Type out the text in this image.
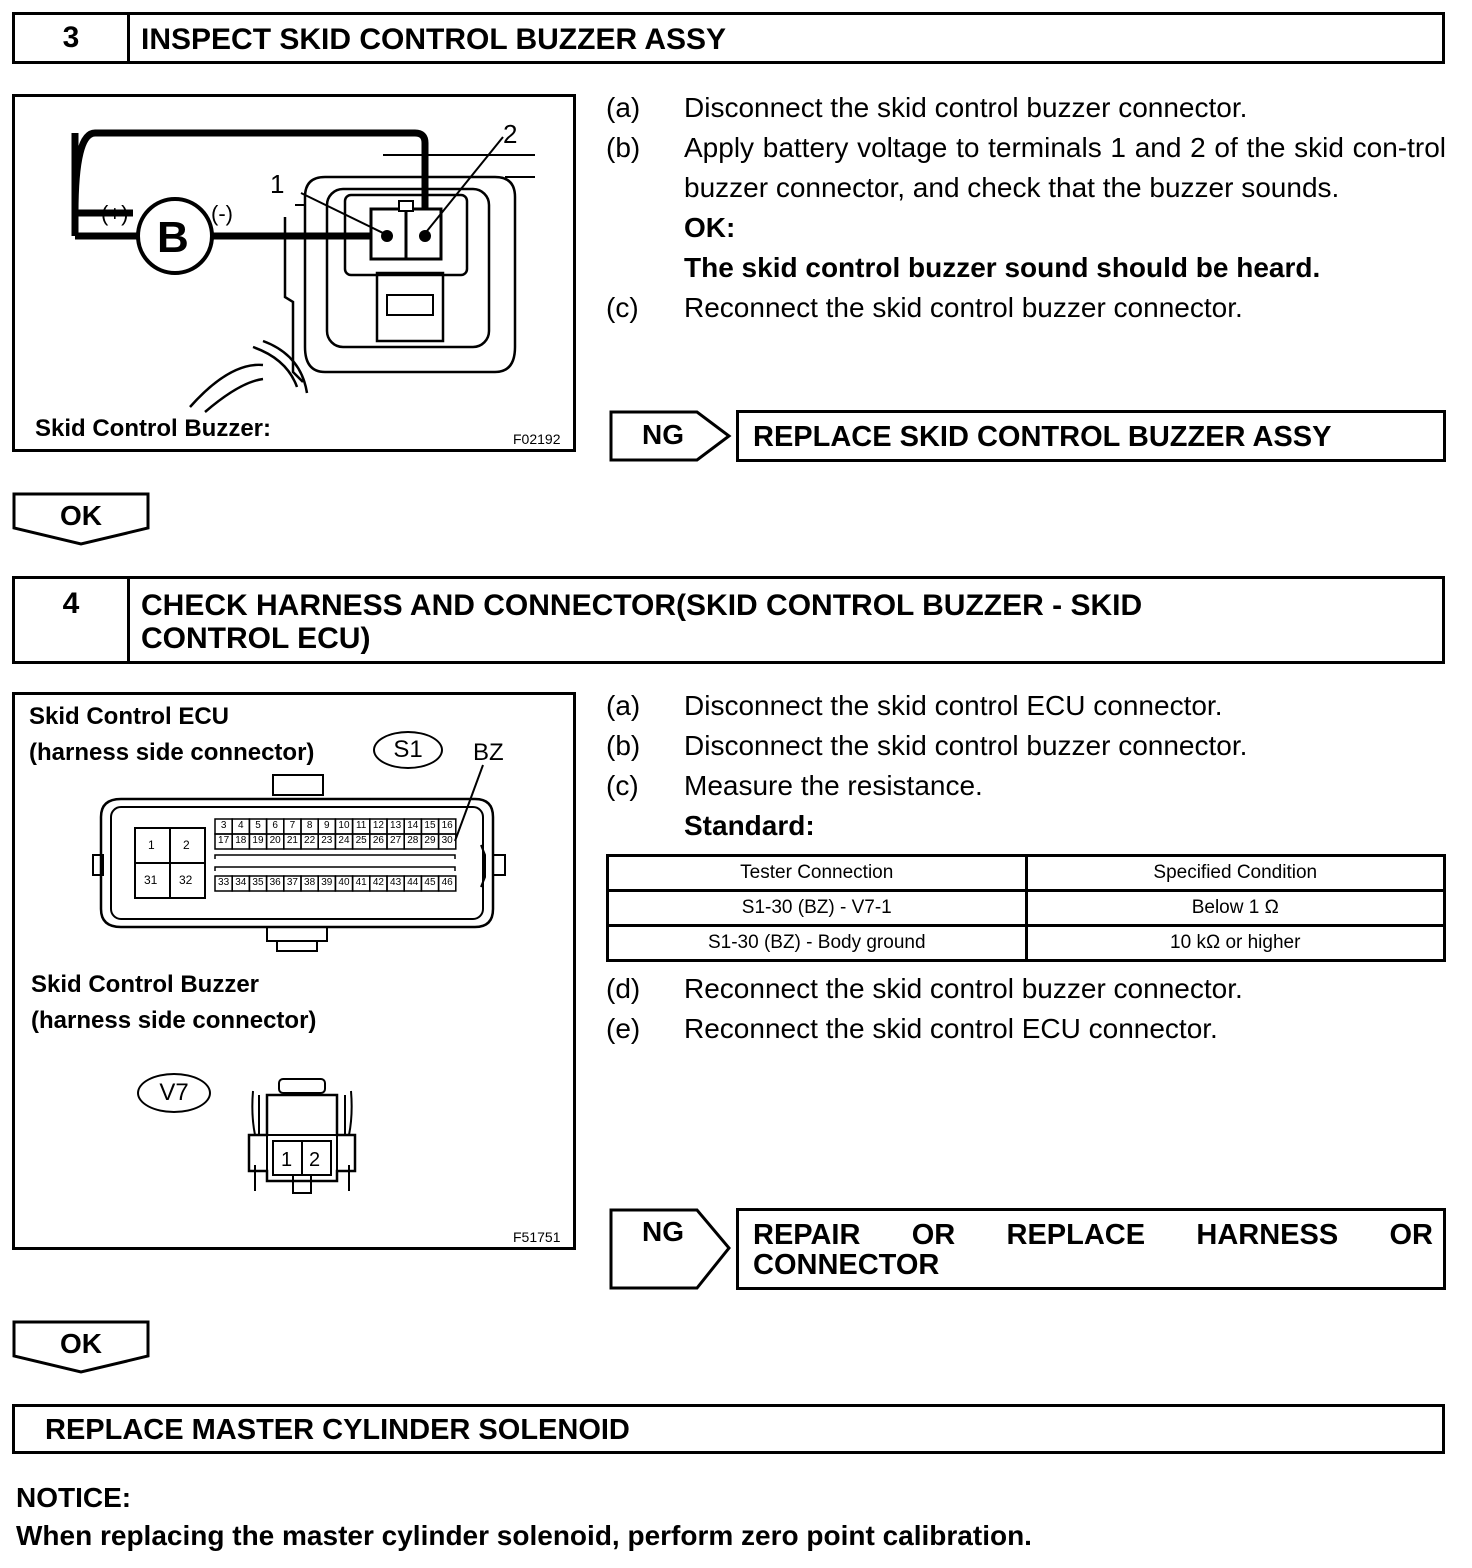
3	INSPECT SKID CONTROL BUZZER ASSY
B
(+)	(-)
1
2
Skid Control Buzzer:	F02192
(a)	Disconnect the skid control buzzer connector.
(b)	Apply battery voltage to terminals 1 and 2 of the skid con-trol buzzer connector, and check that the buzzer sounds.
OK:
The skid control buzzer sound should be heard.
(c)	Reconnect the skid control buzzer connector.
NG REPLACE SKID CONTROL BUZZER ASSY
OK
4	CHECK HARNESS AND CONNECTOR(SKID CONTROL BUZZER - SKID
CONTROL ECU)
Skid Control ECU
(harness side connector)	S1	BZ
1 2
31 32
3	4	5	6	7	8	9 10 11 12 13 14 15 16
17 18 19 20 21 22 23 24 25 26 27 28 29 30
33 34 35 36 37 38 39 40 41 42 43 44 45 46
Skid Control Buzzer
(harness side connector)
V7
1 2
F51751
(a)	Disconnect the skid control ECU connector.
(b)	Disconnect the skid control buzzer connector.
(c)	Measure the resistance.
Standard:
Tester Connection	Specified Condition
S1-30 (BZ) - V7-1	Below 1 Ω
S1-30 (BZ) - Body ground	10 kΩ or higher
(d)	Reconnect the skid control buzzer connector.
(e)	Reconnect the skid control ECU connector.
NG REPAIR OR REPLACE HARNESS OR
CONNECTOR
OK
REPLACE MASTER CYLINDER SOLENOID
NOTICE:
When replacing the master cylinder solenoid, perform zero point calibration.
